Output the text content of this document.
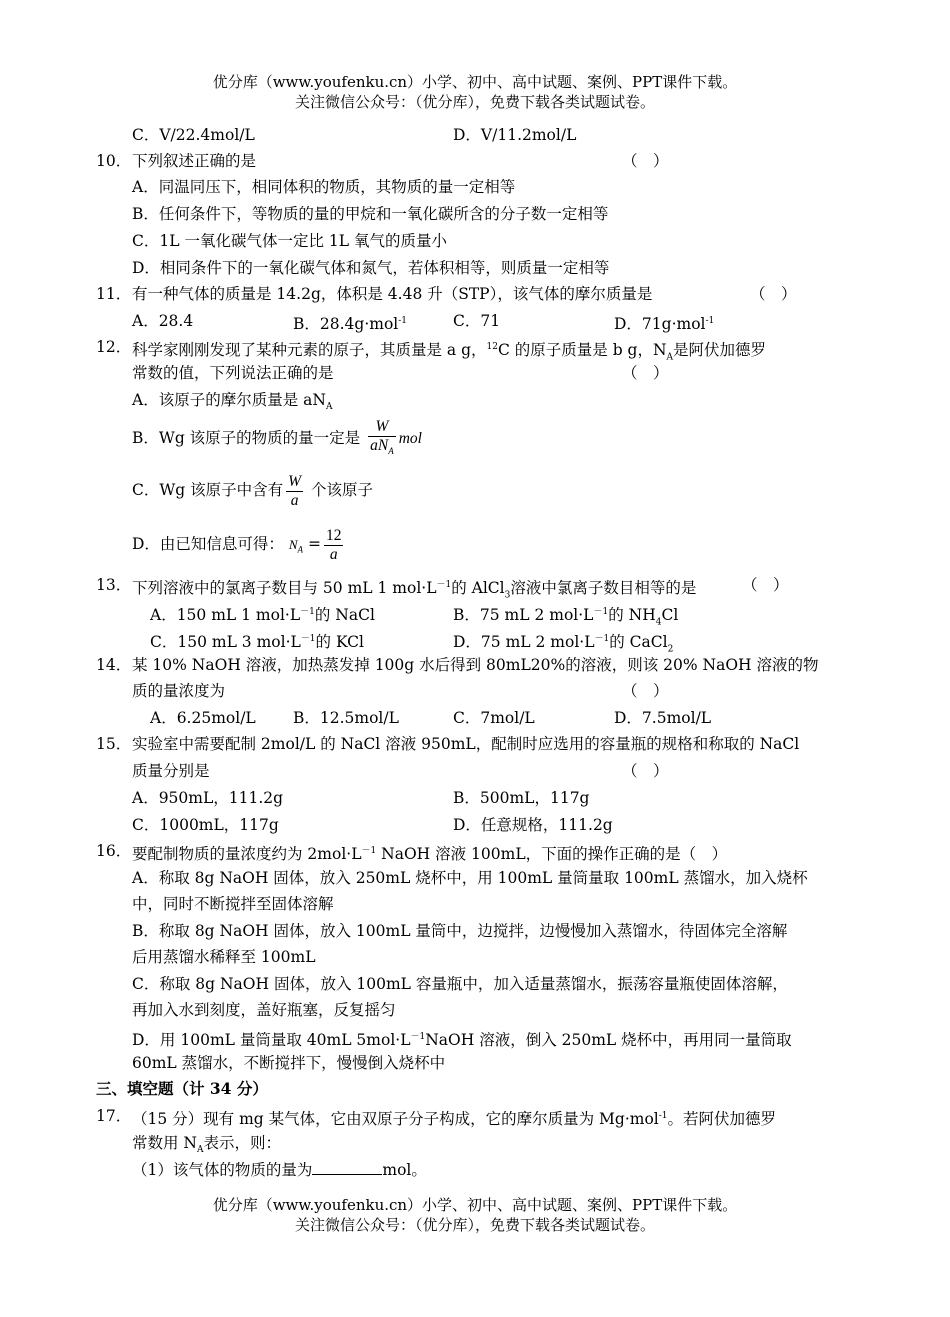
优分库（www.youfenku.cn）小学、初中、高中试题、案例、PPT课件下载。
关注微信公众号：（优分库），免费下载各类试题试卷。
C．V/22.4mol/L	D．V/11.2mol/L
10． 下列叙述正确的是	（　）
A．同温同压下，相同体积的物质，其物质的量一定相等
B．任何条件下，等物质的量的甲烷和一氧化碳所含的分子数一定相等
C．1L 一氧化碳气体一定比 1L 氧气的质量小
D．相同条件下的一氧化碳气体和氮气，若体积相等，则质量一定相等
11． 有一种气体的质量是 14.2g，体积是 4.48 升（STP），该气体的摩尔质量是	（　）
A．28.4	B．28.4g·mol$^{-1}$	C．71	D．71g·mol$^{-1}$
12． 科学家刚刚发现了某种元素的原子，其质量是 a g，$^{12}$C 的原子质量是 b g，$N_A$是阿伏加德罗
常数的值，下列说法正确的是	（　）
A．该原子的摩尔质量是 $aN_A$
B．Wg 该原子的物质的量一定是 $\frac{W}{aN_A}$ mol
C．Wg 该原子中含有 $\frac{W}{a}$ 个该原子
D．由已知信息可得： $N_A = \frac{12}{a}$
13． 下列溶液中的氯离子数目与 50 mL 1 $mol\cdot L^{-1}$的 AlCl$_3$溶液中氯离子数目相等的是	（　）
A．150 mL 1 $mol\cdot L^{-1}$的 NaCl	B．75 mL 2 $mol\cdot L^{-1}$的 $NH_4Cl$
C．150 mL 3 $mol\cdot L^{-1}$的 KCl	D．75 mL 2 $mol\cdot L^{-1}$的 CaCl$_2$
14． 某 10% NaOH 溶液，加热蒸发掉 100g 水后得到 80mL20%的溶液，则该 20% NaOH 溶液的物
质的量浓度为	（　）
A．6.25mol/L B．12.5mol/L	C．7mol/L	D．7.5mol/L
15． 实验室中需要配制 2mol/L 的 NaCl 溶液 950mL，配制时应选用的容量瓶的规格和称取的 NaCl
质量分别是	（　）
A．950mL，111.2g	B．500mL，117g
C．1000mL，117g	D．任意规格，111.2g
16． 要配制物质的量浓度约为 $2mol\cdot L^{-1}$ NaOH 溶液 100mL，下面的操作正确的是（　）
A．称取 8g NaOH 固体，放入 250mL 烧杯中，用 100mL 量筒量取 100mL 蒸馏水，加入烧杯
中，同时不断搅拌至固体溶解
B．称取 8g NaOH 固体，放入 100mL 量筒中，边搅拌，边慢慢加入蒸馏水，待固体完全溶解
后用蒸馏水稀释至 100mL
C．称取 8g NaOH 固体，放入 100mL 容量瓶中，加入适量蒸馏水，振荡容量瓶使固体溶解，
再加入水到刻度，盖好瓶塞，反复摇匀
D．用 100mL 量筒量取 40mL $5mol\cdot L^{-1}NaOH$ 溶液，倒入 250mL 烧杯中，再用同一量筒取
60mL 蒸馏水，不断搅拌下，慢慢倒入烧杯中
三、填空题（计 34 分）
17． （15 分）现有 mg 某气体，它由双原子分子构成，它的摩尔质量为 Mg·mol$^{-1}$。若阿伏加德罗
常数用 $N_A$表示，则：
（1）该气体的物质的量为	mol。
优分库（www.youfenku.cn）小学、初中、高中试题、案例、PPT课件下载。
关注微信公众号：（优分库），免费下载各类试题试卷。
